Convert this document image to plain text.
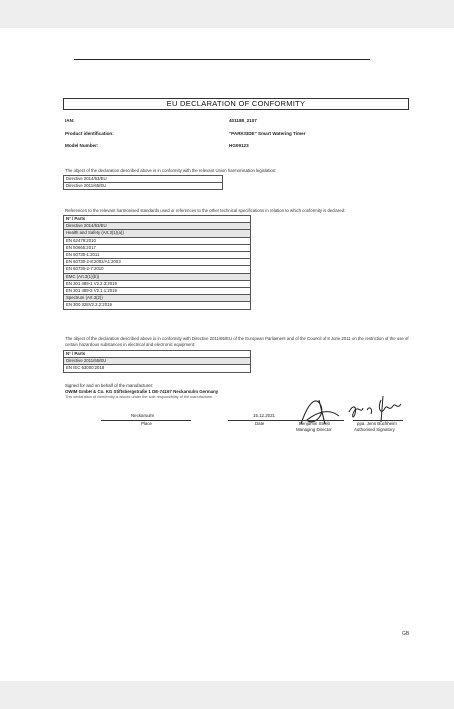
EU DECLARATION OF CONFORMITY
IAN:	401188_2107
Product identification:	"PARKSIDE" Smart Watering Timer
Model Number:	HG09123
The object of the declaration described above is in conformity with the relevant Union harmonisation legislation:
Directive 2014/53/EU
Directive 2011/65/EU
References to the relevant harmonised standards used or references to the other technical specifications in relation to which conformity is declared:
N° / Parts
Directive 2014/53/EU
Health and Safety (Art.3(1)(a))
EN 62479:2010
EN 50665:2017
EN 60730-1:2011
EN 60730-2-8:2002/A1:2003
EN 60730-2-7:2010
EMC (Art.3(1)(b))
EN 301 489-1 V2.2.3:2019
EN 301 489-3 V2.1.1:2019
Spectrum (Art.3(2))
EN 300 328V2.2.2:2019
The object of the declaration described above is in conformity with Directive 2011/65/EU of the European Parliament and of the Council of 8 June 2011 on the restriction of the use of certain hazardous substances in electrical and electronic equipment:
N° / Parts
Directive 2011/65/EU
EN IEC 63000:2018
Signed for and on behalf of the manufacturer:
OWIM GmbH & Co. KG Stiftsbergstraße 1 DE-74167 Neckarsulm Germany
This declaration of conformity is issued under the sole responsibility of the manufacturer.
Neckarsulm
Place
15.12.2021
Date	Benjamin Steeb
Managing Director
ppa. Jens Buchheim
Authorised Signatory
GB
